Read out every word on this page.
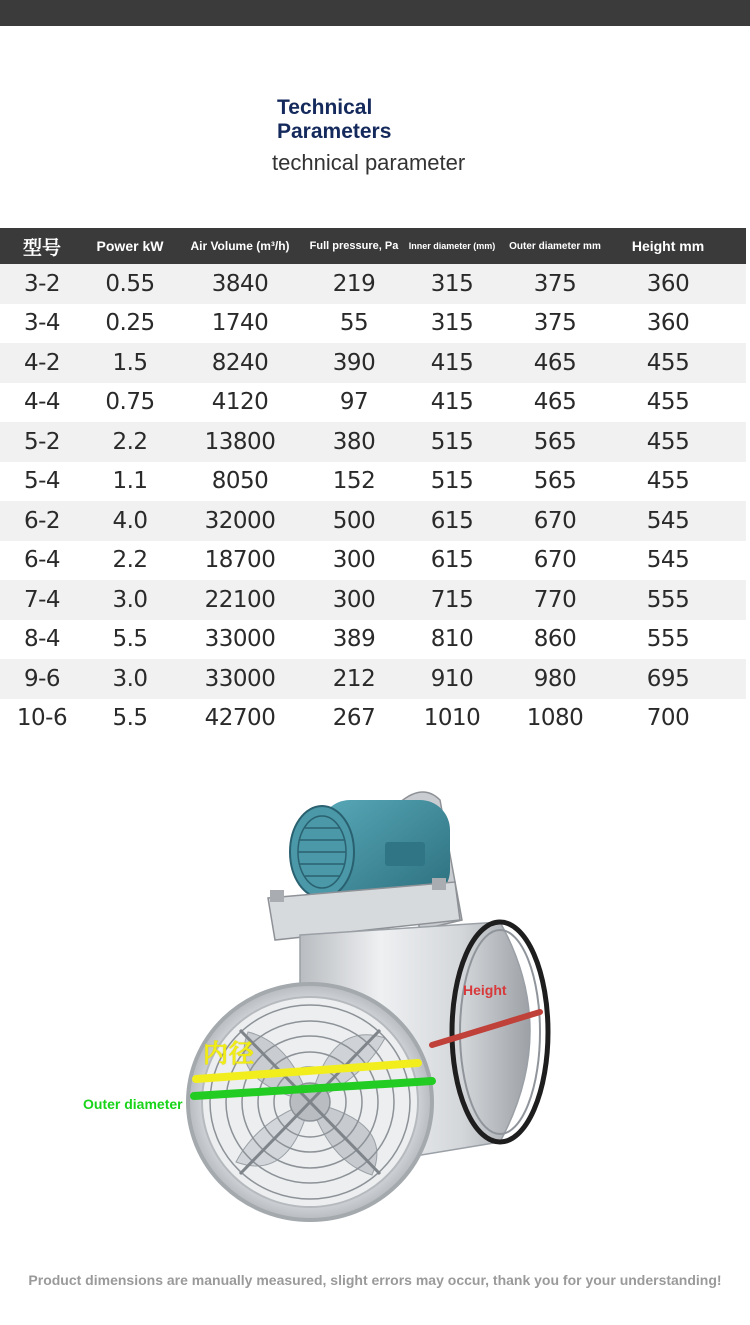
Technical Parameters
technical parameter
型号	Power kW	Air Volume (m³/h)	Full pressure, Pa	Inner diameter (mm)	Outer diameter mm	Height mm
3-2	0.55	3840	219	315	375	360
3-4	0.25	1740	55	315	375	360
4-2	1.5	8240	390	415	465	455
4-4	0.75	4120	97	415	465	455
5-2	2.2	13800	380	515	565	455
5-4	1.1	8050	152	515	565	455
6-2	4.0	32000	500	615	670	545
6-4	2.2	18700	300	615	670	545
7-4	3.0	22100	300	715	770	555
8-4	5.5	33000	389	810	860	555
9-6	3.0	33000	212	910	980	695
10-6	5.5	42700	267	1010	1080	700
Height
内径
Outer diameter
Product dimensions are manually measured, slight errors may occur, thank you for your understanding!
